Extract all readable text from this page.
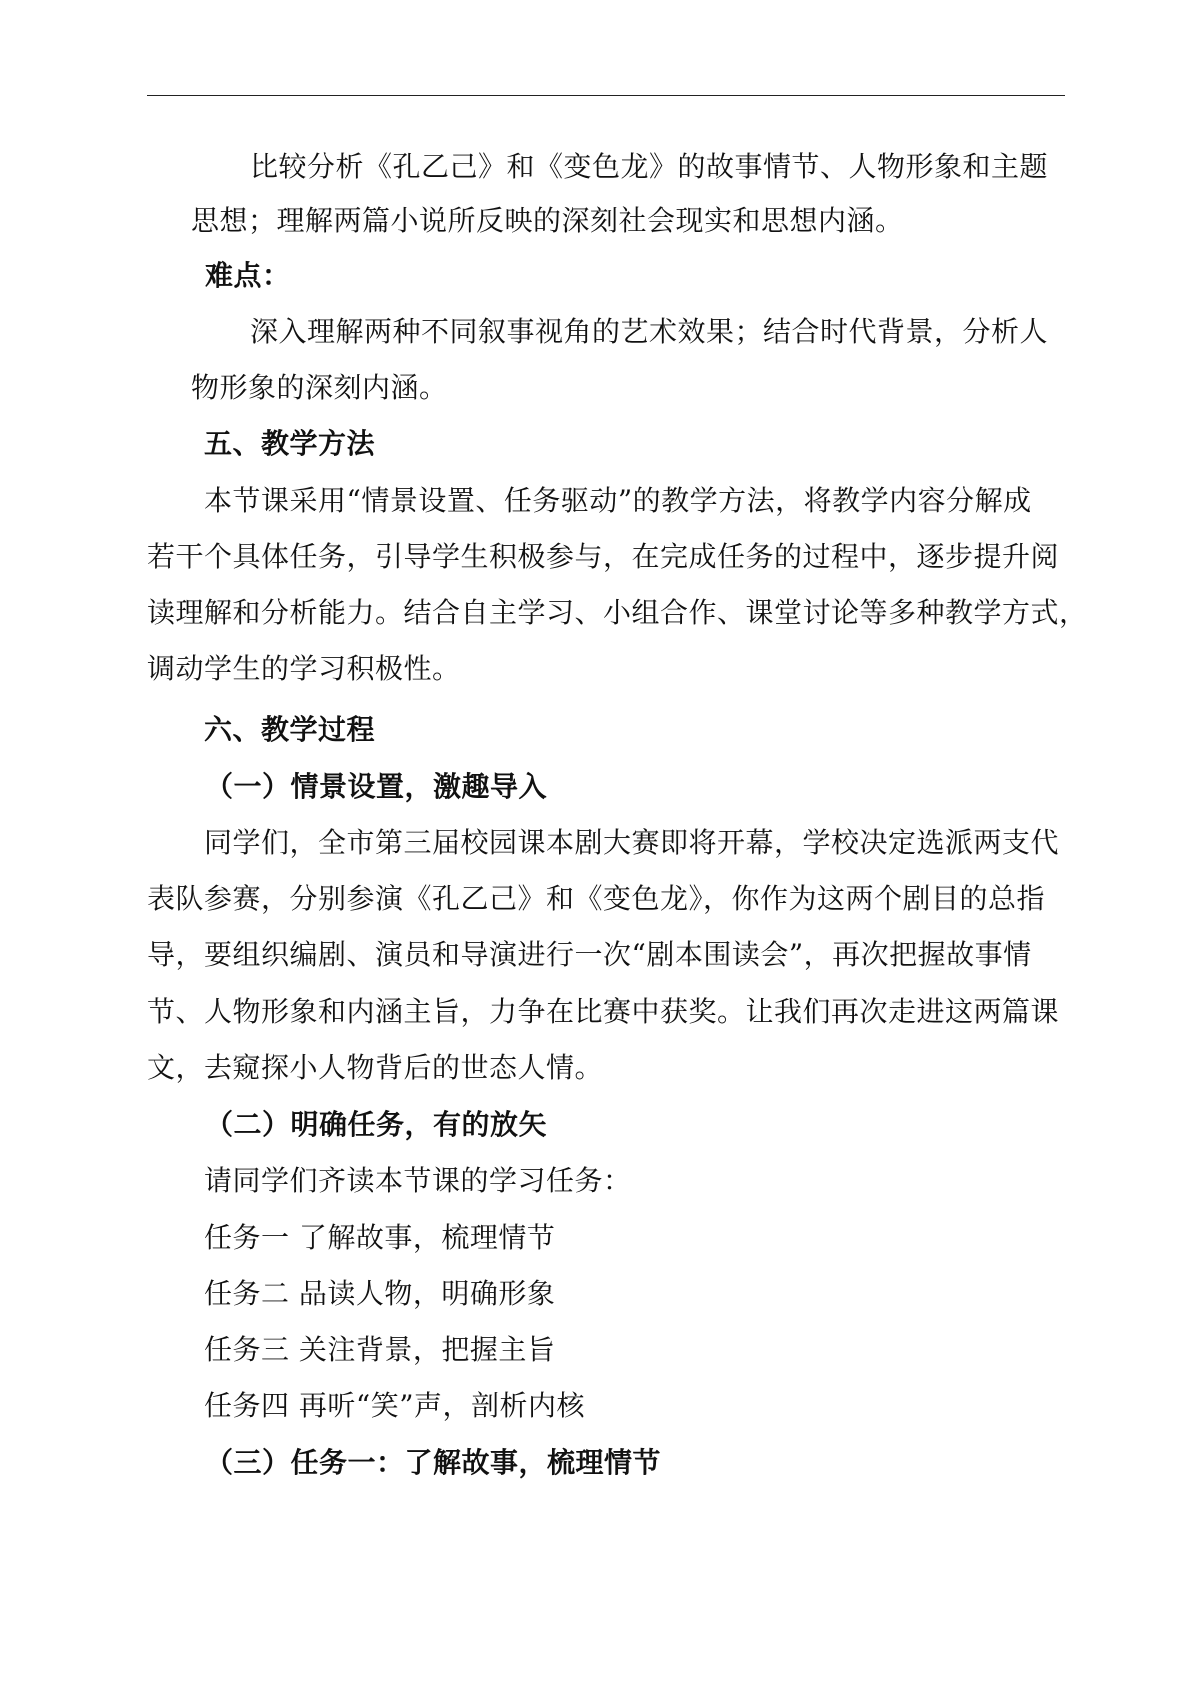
比较分析《孔乙己》和《变色龙》的故事情节、人物形象和主题
思想；理解两篇小说所反映的深刻社会现实和思想内涵。
难点：
深入理解两种不同叙事视角的艺术效果；结合时代背景，分析人
物形象的深刻内涵。
五、教学方法
本节课采用“情景设置、任务驱动”的教学方法，将教学内容分解成
若干个具体任务，引导学生积极参与，在完成任务的过程中，逐步提升阅
读理解和分析能力。结合自主学习、小组合作、课堂讨论等多种教学方式，
调动学生的学习积极性。
六、教学过程
（一）情景设置，激趣导入
同学们，全市第三届校园课本剧大赛即将开幕，学校决定选派两支代
表队参赛，分别参演《孔乙己》和《变色龙》，你作为这两个剧目的总指
导，要组织编剧、演员和导演进行一次“剧本围读会”，再次把握故事情
节、人物形象和内涵主旨，力争在比赛中获奖。让我们再次走进这两篇课
文，去窥探小人物背后的世态人情。
（二）明确任务，有的放矢
请同学们齐读本节课的学习任务：
任务一 了解故事，梳理情节
任务二 品读人物，明确形象
任务三 关注背景，把握主旨
任务四 再听“笑”声，剖析内核
（三）任务一：了解故事，梳理情节
